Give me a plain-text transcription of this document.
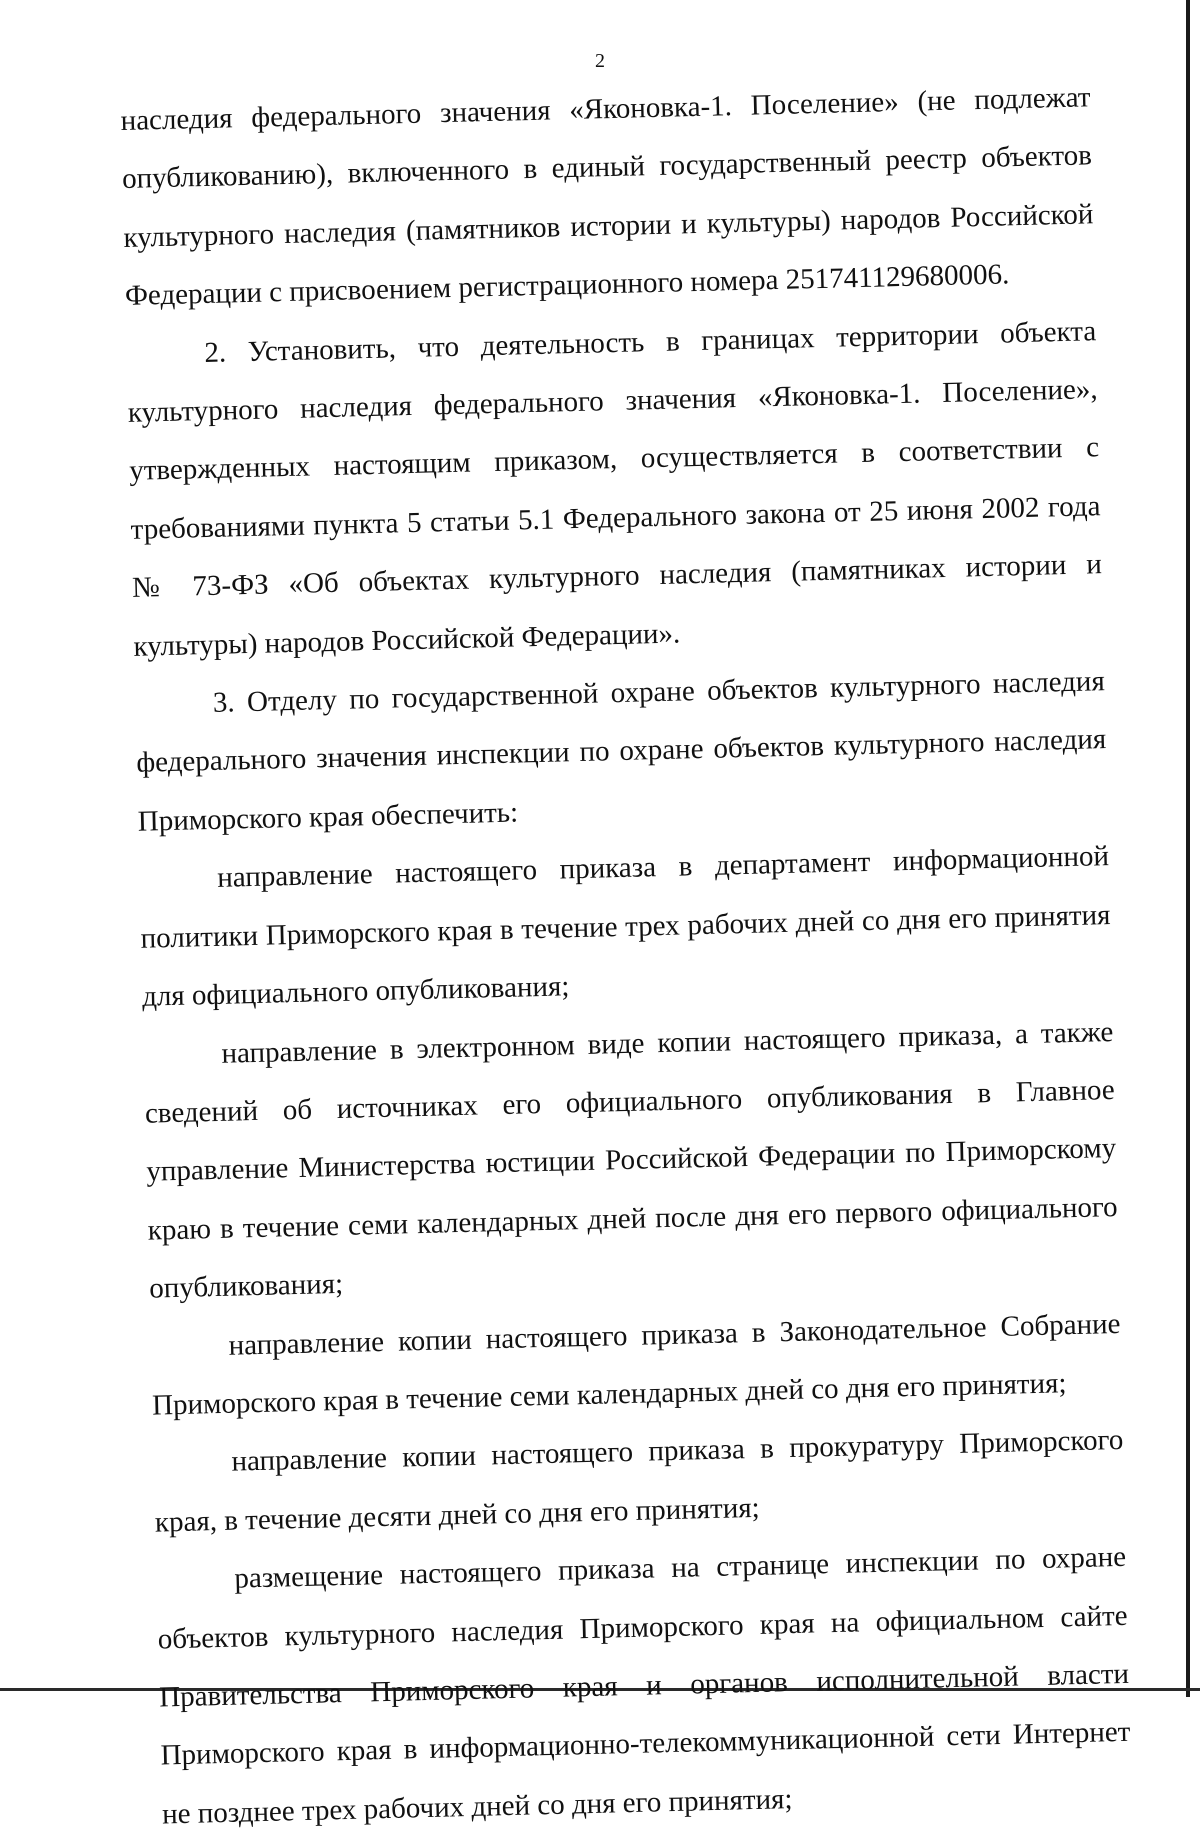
2

наследия федерального значения «Яконовка-1. Поселение» (не подлежат опубликованию), включенного в единый государственный реестр объектов культурного наследия (памятников истории и культуры) народов Российской Федерации с присвоением регистрационного номера 251741129680006.

2. Установить, что деятельность в границах территории объекта культурного наследия федерального значения «Яконовка-1. Поселение», утвержденных настоящим приказом, осуществляется в соответствии с требованиями пункта 5 статьи 5.1 Федерального закона от 25 июня 2002 года № 73-ФЗ «Об объектах культурного наследия (памятниках истории и культуры) народов Российской Федерации».

3. Отделу по государственной охране объектов культурного наследия федерального значения инспекции по охране объектов культурного наследия Приморского края обеспечить:

направление настоящего приказа в департамент информационной политики Приморского края в течение трех рабочих дней со дня его принятия для официального опубликования;

направление в электронном виде копии настоящего приказа, а также сведений об источниках его официального опубликования в Главное управление Министерства юстиции Российской Федерации по Приморскому краю в течение семи календарных дней после дня его первого официального опубликования;

направление копии настоящего приказа в Законодательное Собрание Приморского края в течение семи календарных дней со дня его принятия;

направление копии настоящего приказа в прокуратуру Приморского края, в течение десяти дней со дня его принятия;

размещение настоящего приказа на странице инспекции по охране объектов культурного наследия Приморского края на официальном сайте Правительства Приморского края и органов исполнительной власти Приморского края в информационно-телекоммуникационной сети Интернет не позднее трех рабочих дней со дня его принятия;
